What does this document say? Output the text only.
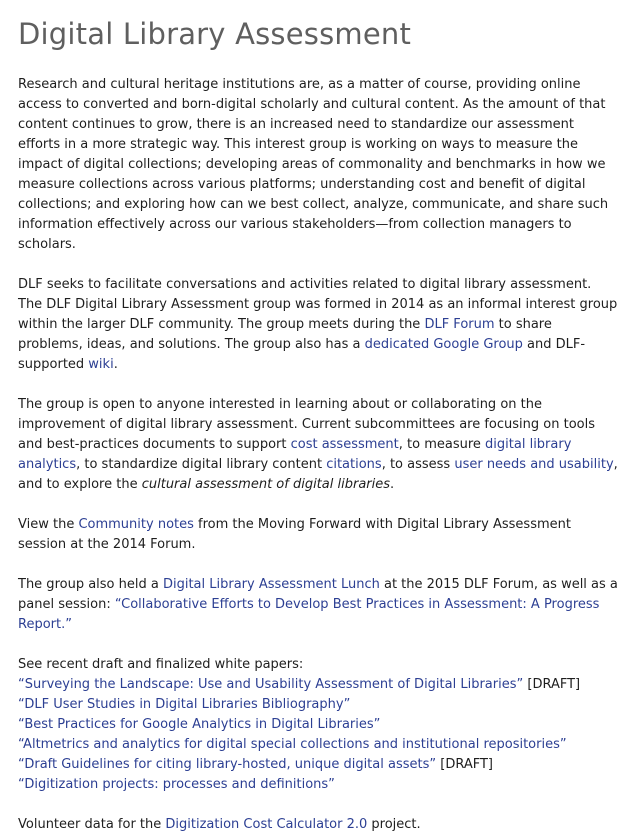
Digital Library Assessment

Research and cultural heritage institutions are, as a matter of course, providing online access to converted and born-digital scholarly and cultural content. As the amount of that content continues to grow, there is an increased need to standardize our assessment efforts in a more strategic way. This interest group is working on ways to measure the impact of digital collections; developing areas of commonality and benchmarks in how we measure collections across various platforms; understanding cost and benefit of digital collections; and exploring how can we best collect, analyze, communicate, and share such information effectively across our various stakeholders—from collection managers to scholars.

DLF seeks to facilitate conversations and activities related to digital library assessment. The DLF Digital Library Assessment group was formed in 2014 as an informal interest group within the larger DLF community. The group meets during the DLF Forum to share problems, ideas, and solutions. The group also has a dedicated Google Group and DLF-supported wiki.

The group is open to anyone interested in learning about or collaborating on the improvement of digital library assessment. Current subcommittees are focusing on tools and best-practices documents to support cost assessment, to measure digital library analytics, to standardize digital library content citations, to assess user needs and usability, and to explore the cultural assessment of digital libraries.

View the Community notes from the Moving Forward with Digital Library Assessment session at the 2014 Forum.

The group also held a Digital Library Assessment Lunch at the 2015 DLF Forum, as well as a panel session: “Collaborative Efforts to Develop Best Practices in Assessment: A Progress Report.”

See recent draft and finalized white papers:
“Surveying the Landscape: Use and Usability Assessment of Digital Libraries” [DRAFT]
“DLF User Studies in Digital Libraries Bibliography”
“Best Practices for Google Analytics in Digital Libraries”
“Altmetrics and analytics for digital special collections and institutional repositories”
“Draft Guidelines for citing library-hosted, unique digital assets” [DRAFT]
“Digitization projects: processes and definitions”

Volunteer data for the Digitization Cost Calculator 2.0 project.
